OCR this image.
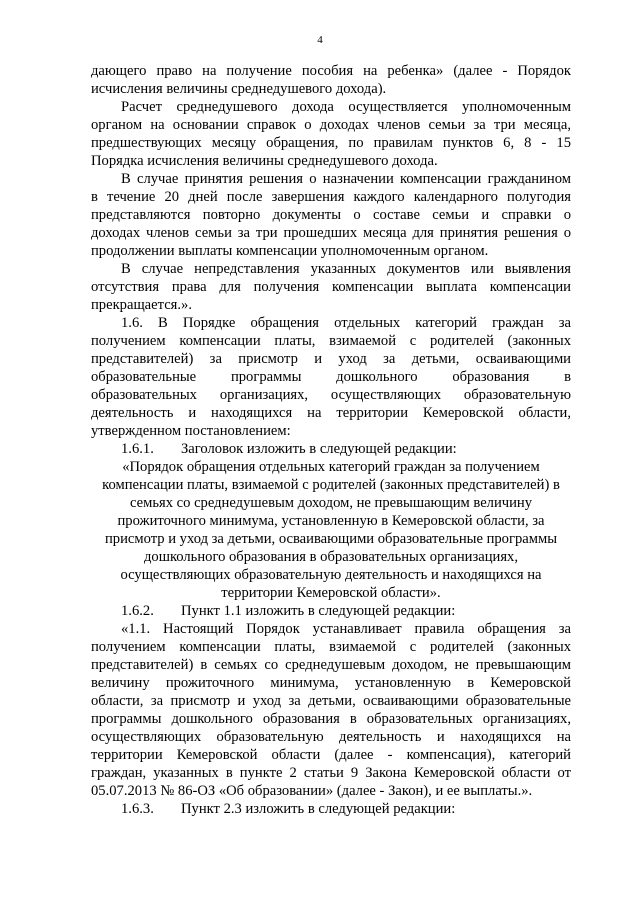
4
дающего право на получение пособия на ребенка» (далее - Порядок
исчисления величины среднедушевого дохода).
Расчет среднедушевого дохода осуществляется уполномоченным
органом на основании справок о доходах членов семьи за три месяца,
предшествующих месяцу обращения, по правилам пунктов 6, 8 - 15
Порядка исчисления величины среднедушевого дохода.
В случае принятия решения о назначении компенсации гражданином
в течение 20 дней после завершения каждого календарного полугодия
представляются повторно документы о составе семьи и справки о
доходах членов семьи за три прошедших месяца для принятия решения о
продолжении выплаты компенсации уполномоченным органом.
В случае непредставления указанных документов или выявления
отсутствия права для получения компенсации выплата компенсации
прекращается.».
1.6. В Порядке обращения отдельных категорий граждан за
получением компенсации платы, взимаемой с родителей (законных
представителей) за присмотр и уход за детьми, осваивающими
образовательные программы дошкольного образования в
образовательных организациях, осуществляющих образовательную
деятельность и находящихся на территории Кемеровской области,
утвержденном постановлением:
1.6.1. Заголовок изложить в следующей редакции:
«Порядок обращения отдельных категорий граждан за получением
компенсации платы, взимаемой с родителей (законных представителей) в
семьях со среднедушевым доходом, не превышающим величину
прожиточного минимума, установленную в Кемеровской области, за
присмотр и уход за детьми, осваивающими образовательные программы
дошкольного образования в образовательных организациях,
осуществляющих образовательную деятельность и находящихся на
территории Кемеровской области».
1.6.2. Пункт 1.1 изложить в следующей редакции:
«1.1. Настоящий Порядок устанавливает правила обращения за
получением компенсации платы, взимаемой с родителей (законных
представителей) в семьях со среднедушевым доходом, не превышающим
величину прожиточного минимума, установленную в Кемеровской
области, за присмотр и уход за детьми, осваивающими образовательные
программы дошкольного образования в образовательных организациях,
осуществляющих образовательную деятельность и находящихся на
территории Кемеровской области (далее - компенсация), категорий
граждан, указанных в пункте 2 статьи 9 Закона Кемеровской области от
05.07.2013 № 86-ОЗ «Об образовании» (далее - Закон), и ее выплаты.».
1.6.3. Пункт 2.3 изложить в следующей редакции:
